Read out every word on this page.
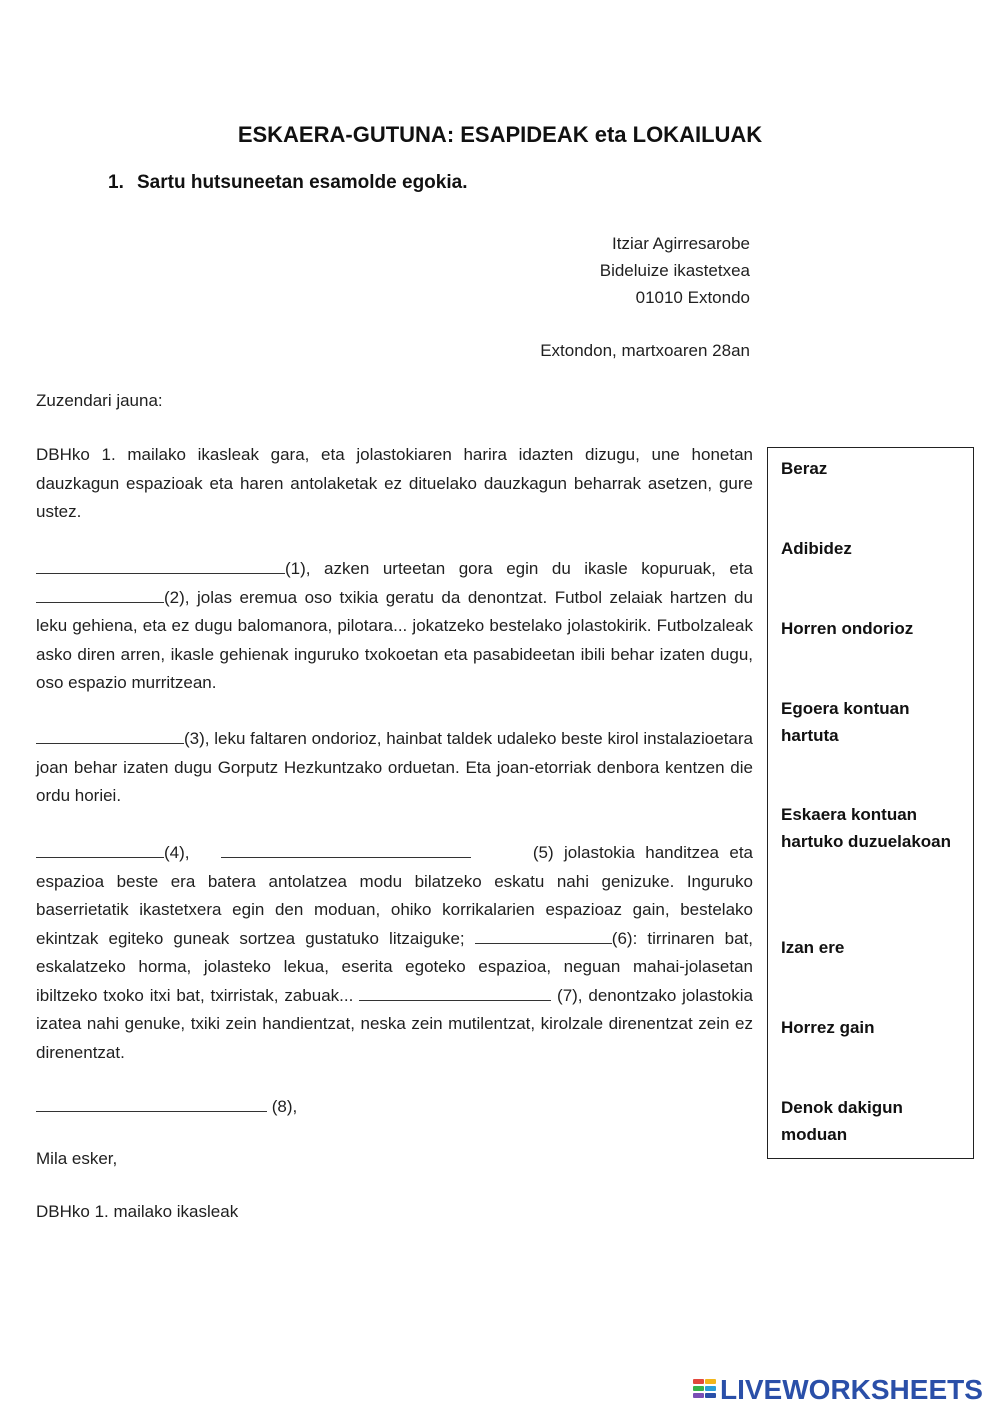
ESKAERA-GUTUNA: ESAPIDEAK eta LOKAILUAK
1. Sartu hutsuneetan esamolde egokia.
Itziar Agirresarobe
Bideluize ikastetxea
01010 Extondo
Extondon, martxoaren 28an
Zuzendari jauna:

DBHko 1. mailako ikasleak gara, eta jolastokiaren harira idazten dizugu, une honetan dauzkagun espazioak eta haren antolaketak ez dituelako dauzkagun beharrak asetzen, gure ustez.

(1), azken urteetan gora egin du ikasle kopuruak, eta (2), jolas eremua oso txikia geratu da denontzat. Futbol zelaiak hartzen du leku gehiena, eta ez dugu balomanora, pilotara... jokatzeko bestelako jolastokirik. Futbolzaleak asko diren arren, ikasle gehienak inguruko txokoetan eta pasabideetan ibili behar izaten dugu, oso espazio murritzean.

(3), leku faltaren ondorioz, hainbat taldek udaleko beste kirol instalazioetara joan behar izaten dugu Gorputz Hezkuntzako orduetan. Eta joan-etorriak denbora kentzen die ordu horiei.

(4),	(5) jolastokia handitzea eta espazioa beste era batera antolatzea modu bilatzeko eskatu nahi genizuke. Inguruko baserrietatik ikastetxera egin den moduan, ohiko korrikalarien espazioaz gain, bestelako ekintzak egiteko guneak sortzea gustatuko litzaiguke;	(6): tirrinaren bat, eskalatzeko horma, jolasteko lekua, eserita egoteko espazioa, neguan mahai-jolasetan ibiltzeko txoko itxi bat, txirristak, zabuak...	(7), denontzako jolastokia izatea nahi genuke, txiki zein handientzat, neska zein mutilentzat, kirolzale direnentzat zein ez direnentzat.

(8),

Mila esker,
DBHko 1. mailako ikasleak
Beraz
Adibidez
Horren ondorioz
Egoera kontuan hartuta
Eskaera kontuan hartuko duzuelakoan
Izan ere
Horrez gain
Denok dakigun moduan
LIVEWORKSHEETS
